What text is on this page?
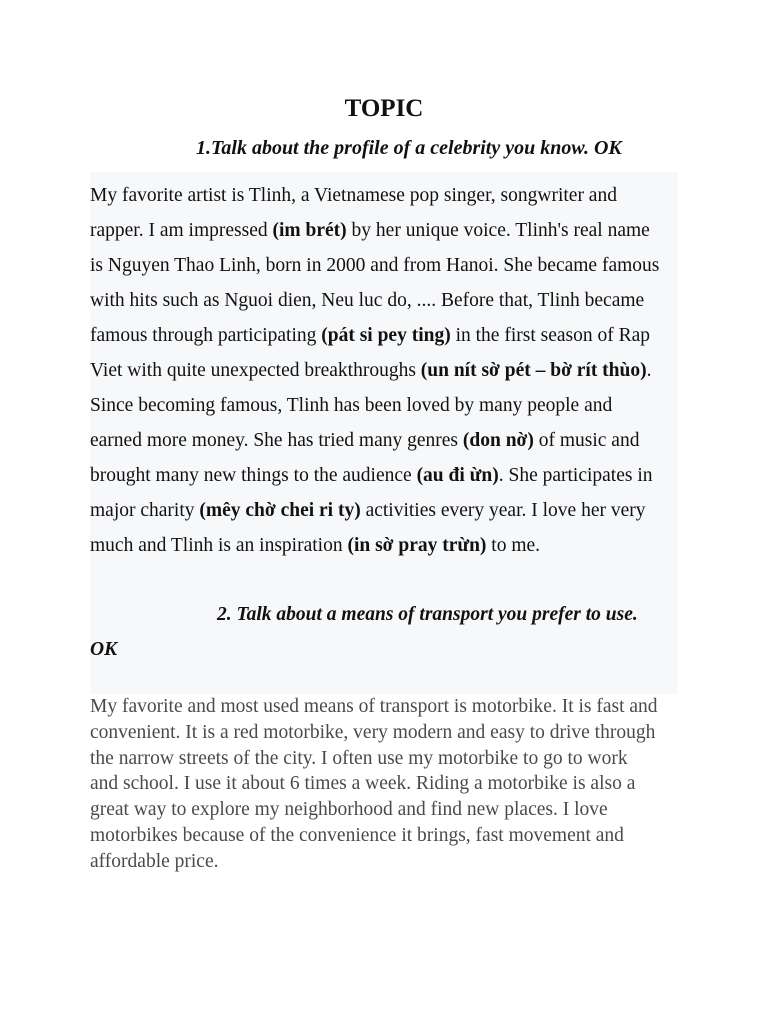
TOPIC
1.Talk about the profile of a celebrity you know. OK
My favorite artist is Tlinh, a Vietnamese pop singer, songwriter and
rapper. I am impressed (im brét) by her unique voice. Tlinh's real name
is Nguyen Thao Linh, born in 2000 and from Hanoi. She became famous
with hits such as Nguoi dien, Neu luc do, .... Before that, Tlinh became
famous through participating (pát si pey ting) in the first season of Rap
Viet with quite unexpected breakthroughs (un nít sờ pét – bờ rít thùo).
Since becoming famous, Tlinh has been loved by many people and
earned more money. She has tried many genres (don nờ) of music and
brought many new things to the audience (au đi ừn). She participates in
major charity (mêy chờ chei ri ty) activities every year. I love her very
much and Tlinh is an inspiration (in sờ pray trừn) to me.
2. Talk about a means of transport you prefer to use.
OK
My favorite and most used means of transport is motorbike. It is fast and
convenient. It is a red motorbike, very modern and easy to drive through
the narrow streets of the city. I often use my motorbike to go to work
and school. I use it about 6 times a week. Riding a motorbike is also a
great way to explore my neighborhood and find new places. I love
motorbikes because of the convenience it brings, fast movement and
affordable price.
